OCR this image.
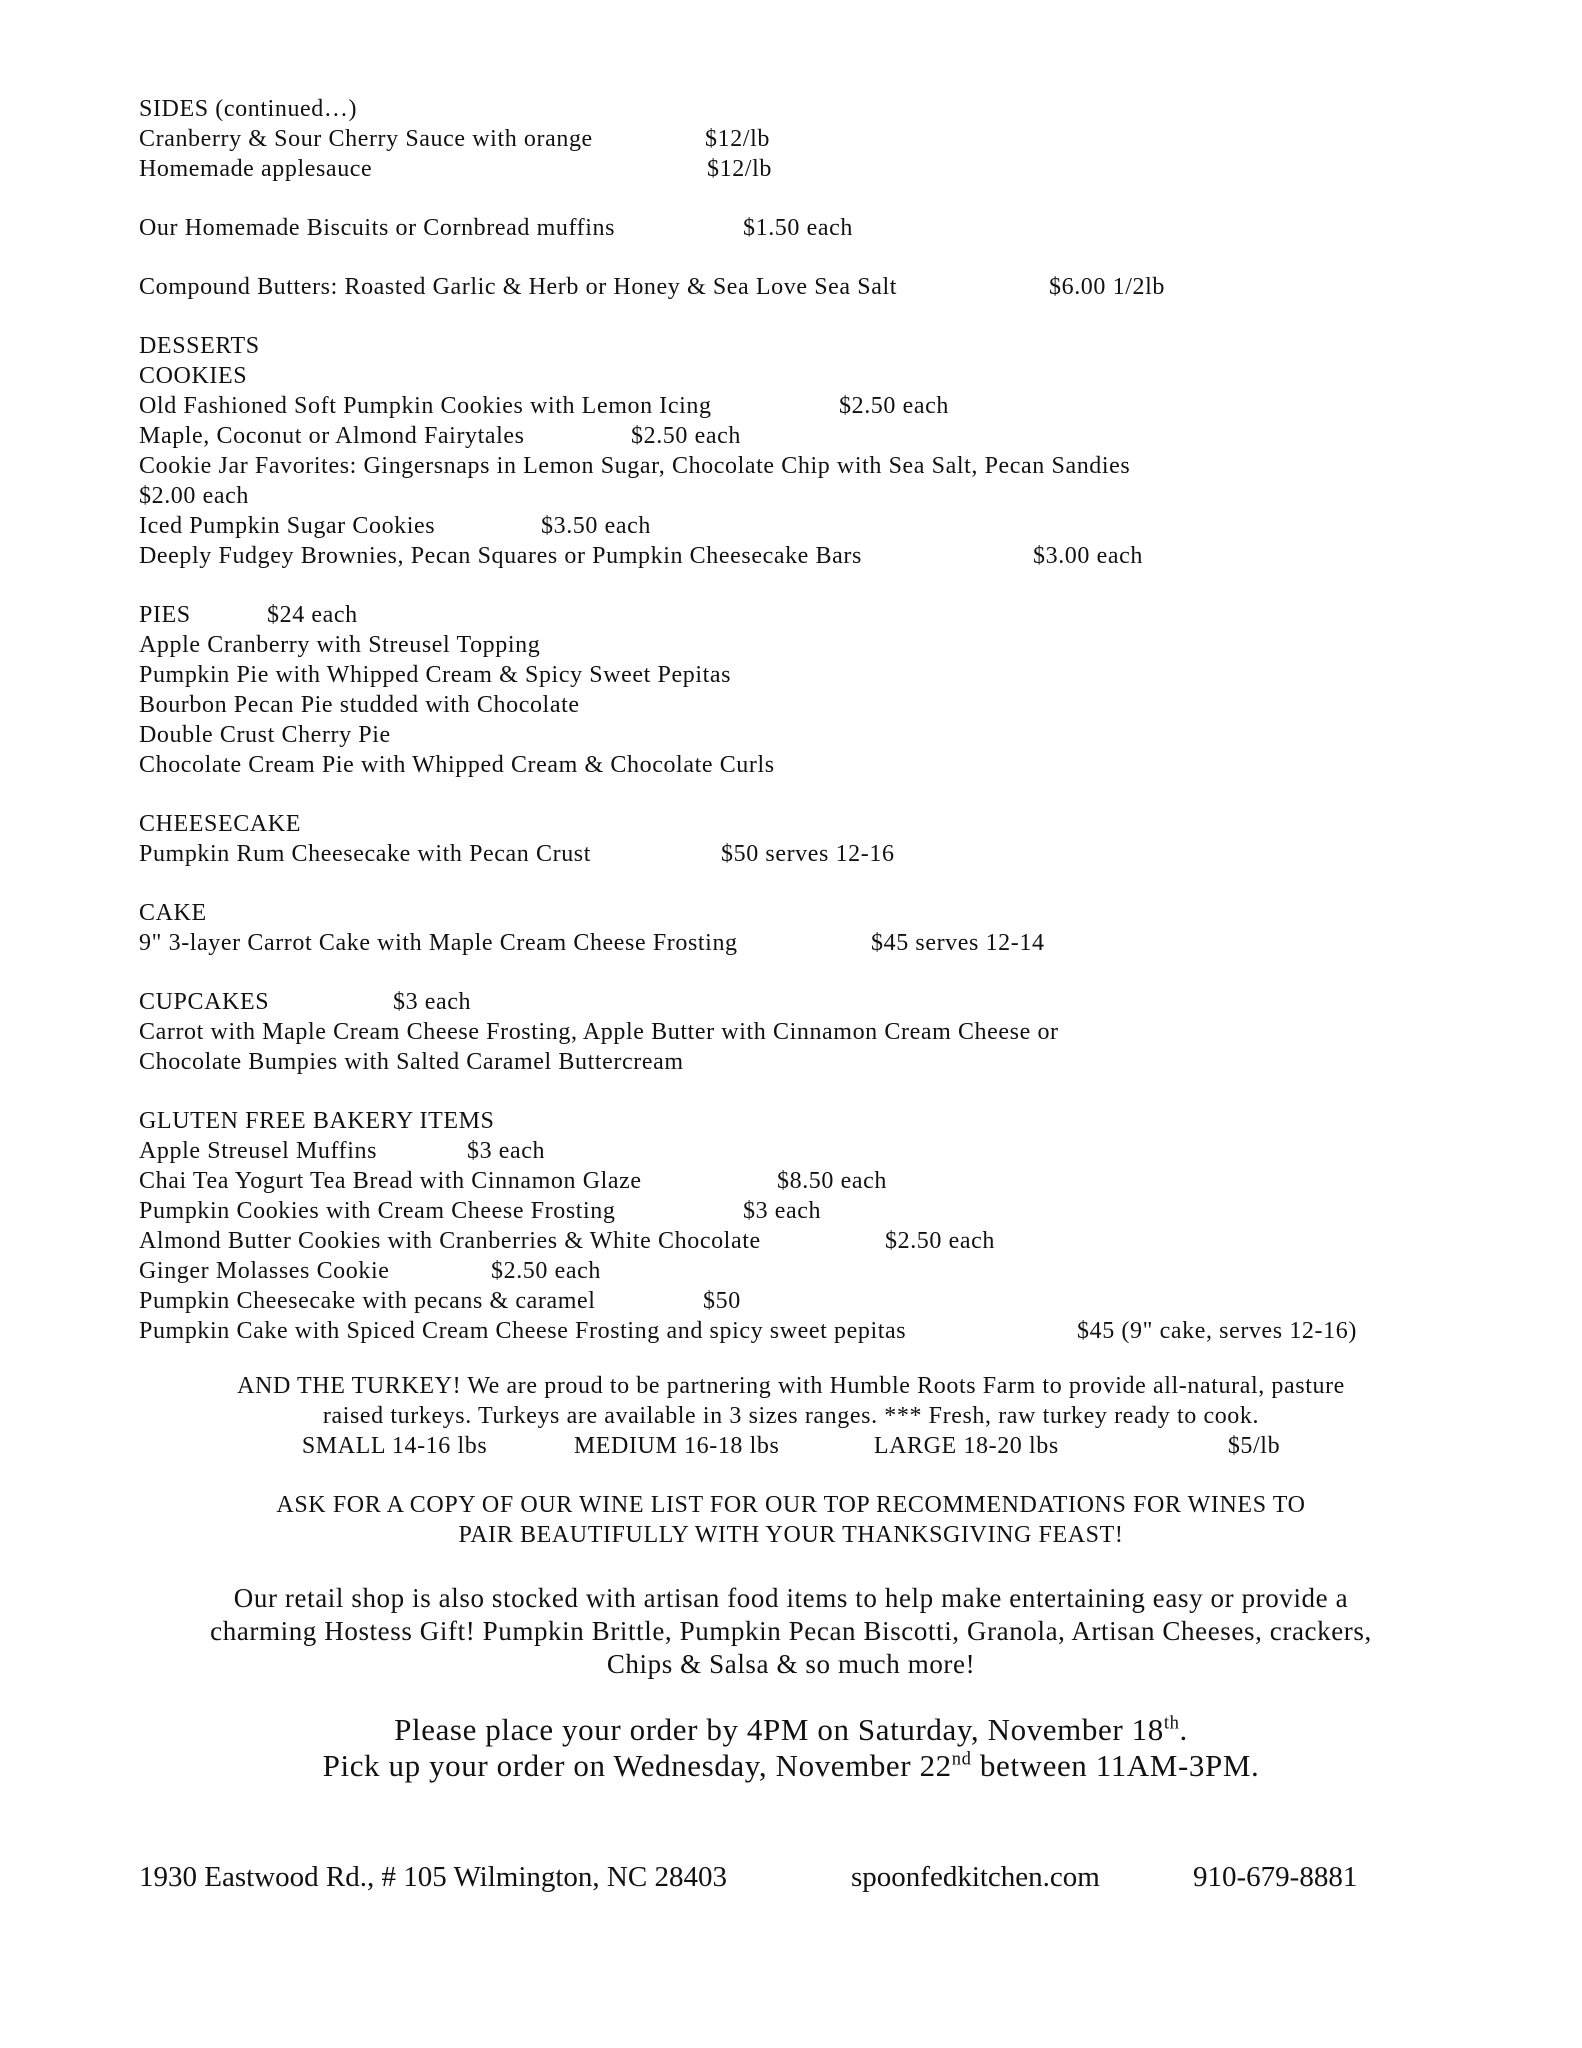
SIDES (continued…)
Cranberry & Sour Cherry Sauce with orange	$12/lb
Homemade applesauce	$12/lb
Our Homemade Biscuits or Cornbread muffins	$1.50 each
Compound Butters: Roasted Garlic & Herb or Honey & Sea Love Sea Salt	$6.00 1/2lb
DESSERTS
COOKIES
Old Fashioned Soft Pumpkin Cookies with Lemon Icing	$2.50 each
Maple, Coconut or Almond Fairytales	$2.50 each
Cookie Jar Favorites: Gingersnaps in Lemon Sugar, Chocolate Chip with Sea Salt, Pecan Sandies
$2.00 each
Iced Pumpkin Sugar Cookies	$3.50 each
Deeply Fudgey Brownies, Pecan Squares or Pumpkin Cheesecake Bars	$3.00 each
PIES	$24 each
Apple Cranberry with Streusel Topping
Pumpkin Pie with Whipped Cream & Spicy Sweet Pepitas
Bourbon Pecan Pie studded with Chocolate
Double Crust Cherry Pie
Chocolate Cream Pie with Whipped Cream & Chocolate Curls
CHEESECAKE
Pumpkin Rum Cheesecake with Pecan Crust	$50 serves 12-16
CAKE
9" 3-layer Carrot Cake with Maple Cream Cheese Frosting	$45 serves 12-14
CUPCAKES	$3 each
Carrot with Maple Cream Cheese Frosting, Apple Butter with Cinnamon Cream Cheese or
Chocolate Bumpies with Salted Caramel Buttercream
GLUTEN FREE BAKERY ITEMS
Apple Streusel Muffins	$3 each
Chai Tea Yogurt Tea Bread with Cinnamon Glaze	$8.50 each
Pumpkin Cookies with Cream Cheese Frosting	$3 each
Almond Butter Cookies with Cranberries & White Chocolate	$2.50 each
Ginger Molasses Cookie	$2.50 each
Pumpkin Cheesecake with pecans & caramel	$50
Pumpkin Cake with Spiced Cream Cheese Frosting and spicy sweet pepitas	$45 (9" cake, serves 12-16)
AND THE TURKEY! We are proud to be partnering with Humble Roots Farm to provide all-natural, pasture
raised turkeys. Turkeys are available in 3 sizes ranges. *** Fresh, raw turkey ready to cook.
SMALL 14-16 lbs	MEDIUM 16-18 lbs	LARGE 18-20 lbs	$5/lb
ASK FOR A COPY OF OUR WINE LIST FOR OUR TOP RECOMMENDATIONS FOR WINES TO
PAIR BEAUTIFULLY WITH YOUR THANKSGIVING FEAST!
Our retail shop is also stocked with artisan food items to help make entertaining easy or provide a
charming Hostess Gift! Pumpkin Brittle, Pumpkin Pecan Biscotti, Granola, Artisan Cheeses, crackers,
Chips & Salsa & so much more!
Please place your order by 4PM on Saturday, November 18th.
Pick up your order on Wednesday, November 22nd between 11AM-3PM.
1930 Eastwood Rd., # 105 Wilmington, NC 28403	spoonfedkitchen.com	910-679-8881
